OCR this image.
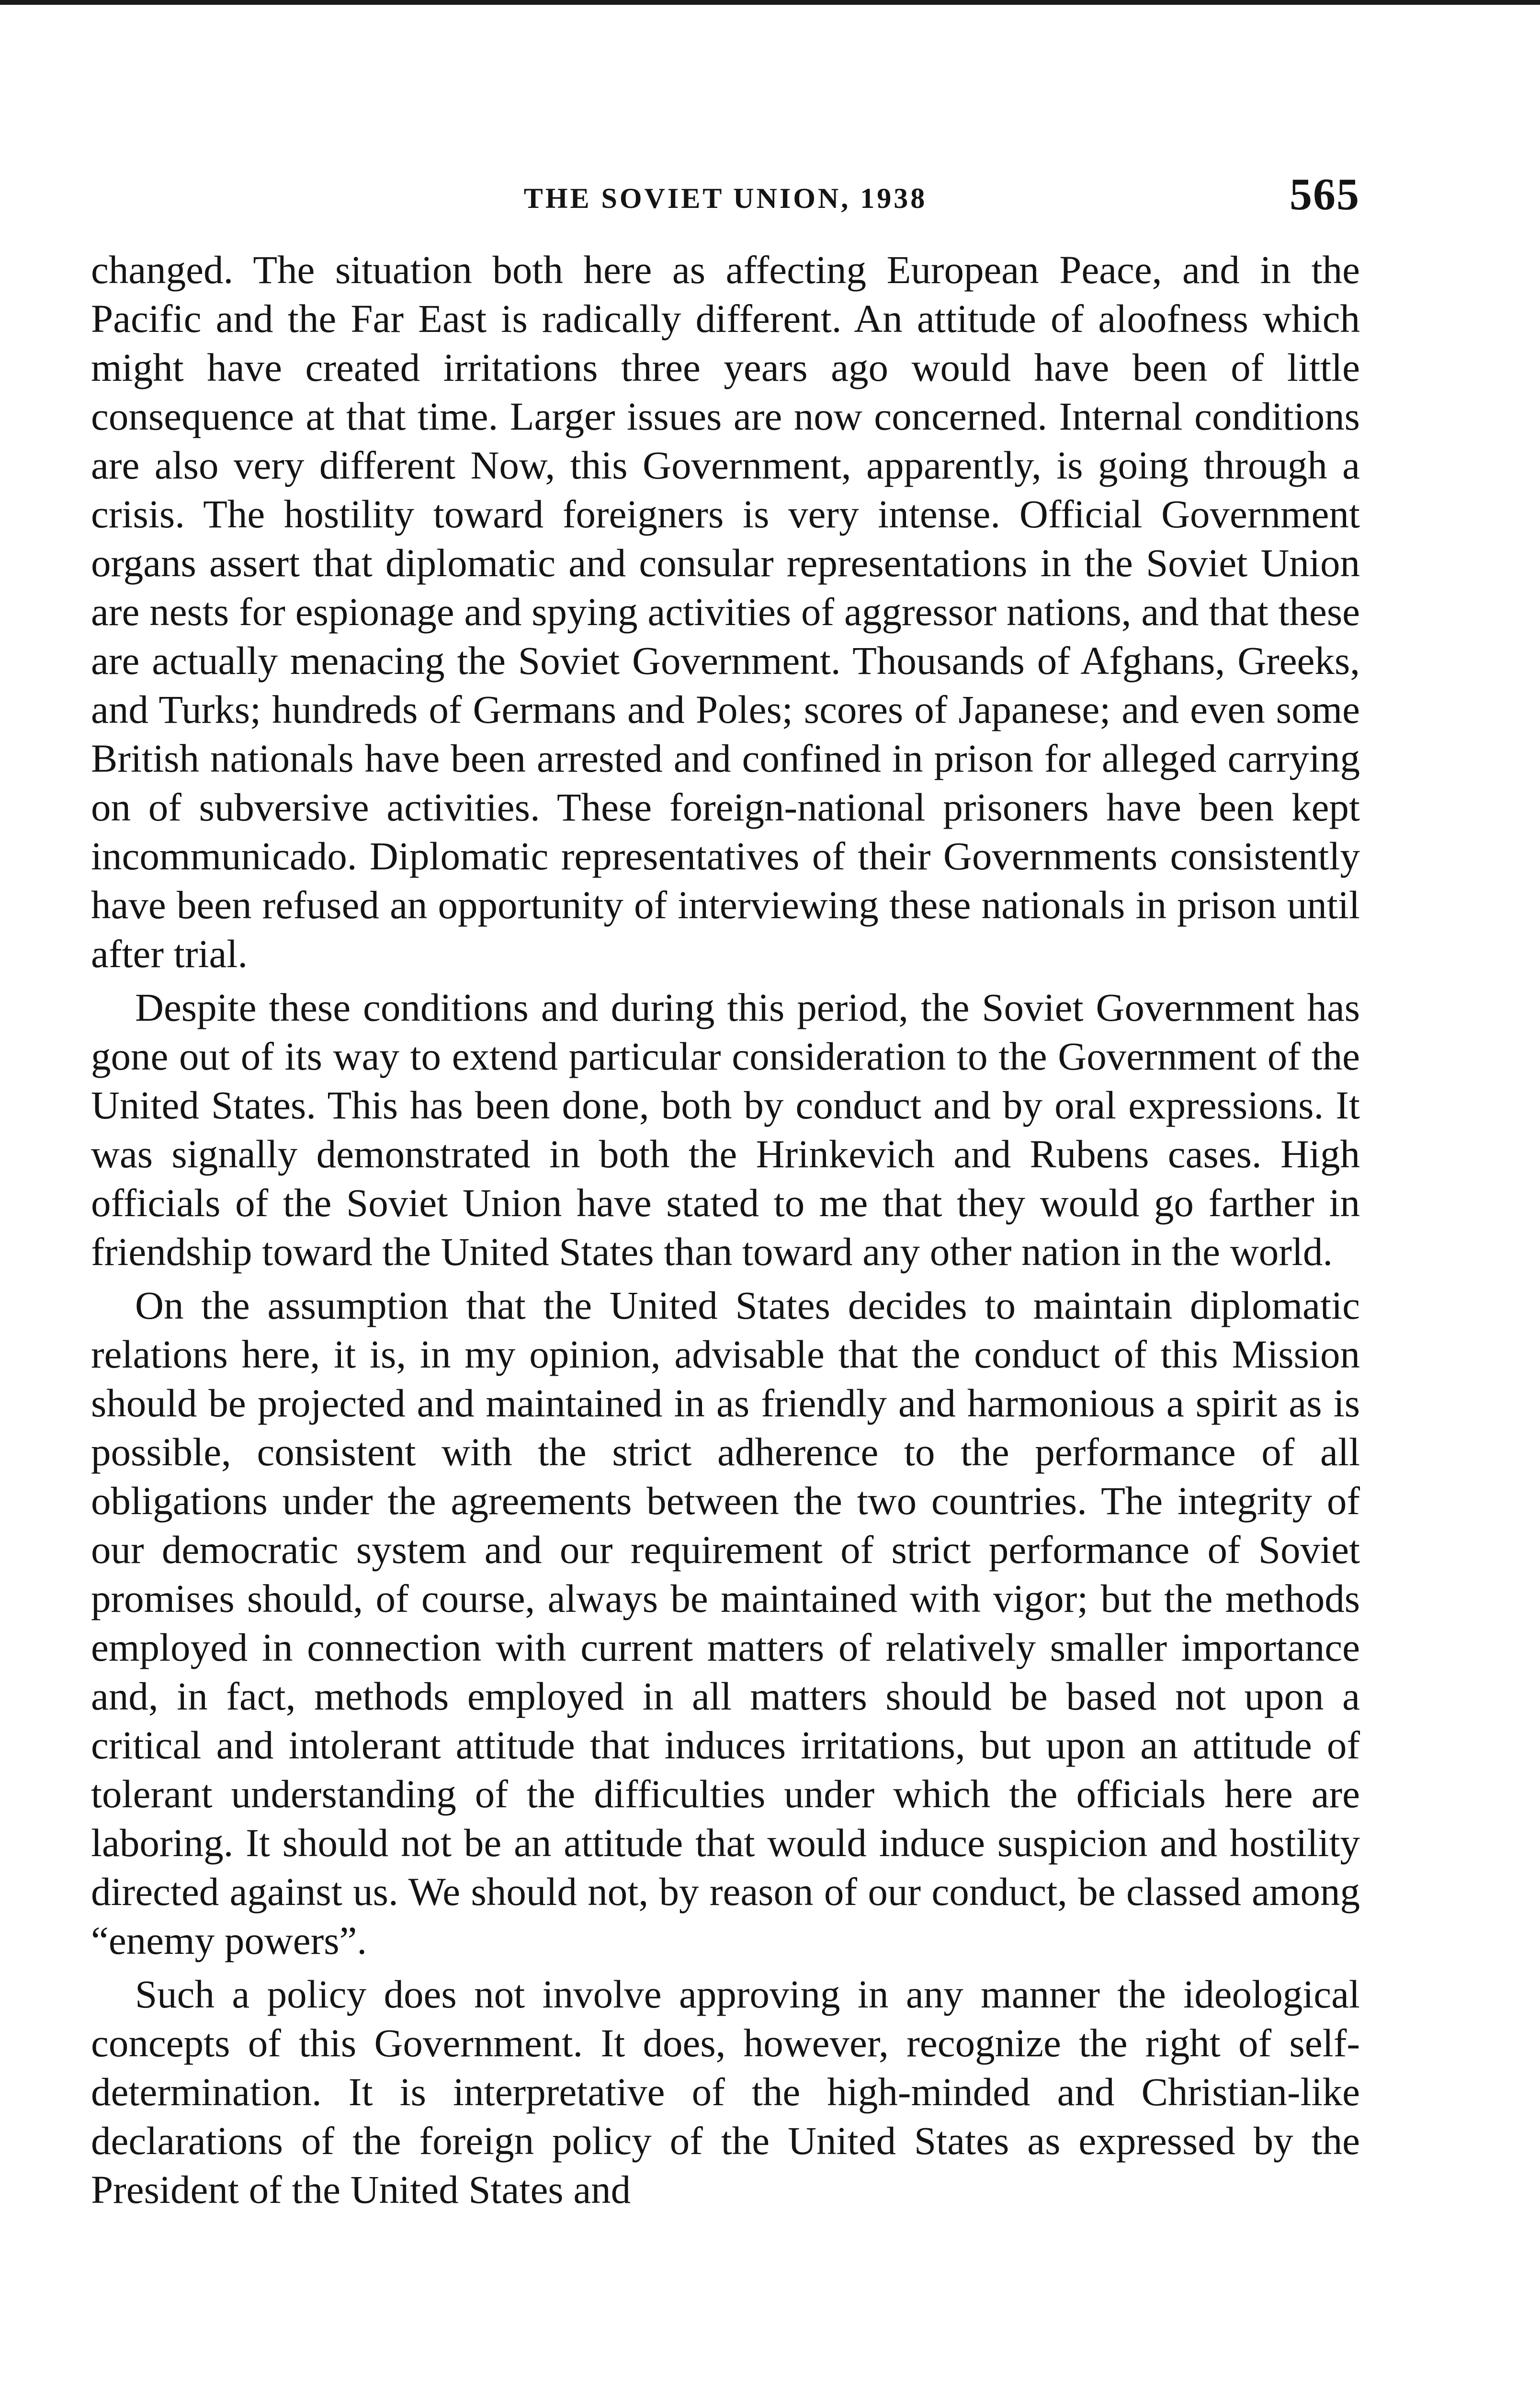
THE SOVIET UNION, 1938	565

changed. The situation both here as affecting European Peace, and in the Pacific and the Far East is radically different. An attitude of aloofness which might have created irritations three years ago would have been of little consequence at that time. Larger issues are now concerned. Internal conditions are also very different Now, this Government, apparently, is going through a crisis. The hostility toward foreigners is very intense. Official Government organs assert that diplomatic and consular representations in the Soviet Union are nests for espionage and spying activities of aggressor nations, and that these are actually menacing the Soviet Government. Thousands of Afghans, Greeks, and Turks; hundreds of Germans and Poles; scores of Japanese; and even some British nationals have been arrested and confined in prison for alleged carrying on of subversive activities. These foreign-national prisoners have been kept incommunicado. Diplomatic representatives of their Governments consistently have been refused an opportunity of interviewing these nationals in prison until after trial.

Despite these conditions and during this period, the Soviet Government has gone out of its way to extend particular consideration to the Government of the United States. This has been done, both by conduct and by oral expressions. It was signally demonstrated in both the Hrinkevich and Rubens cases. High officials of the Soviet Union have stated to me that they would go farther in friendship toward the United States than toward any other nation in the world.

On the assumption that the United States decides to maintain diplomatic relations here, it is, in my opinion, advisable that the conduct of this Mission should be projected and maintained in as friendly and harmonious a spirit as is possible, consistent with the strict adherence to the performance of all obligations under the agreements between the two countries. The integrity of our democratic system and our requirement of strict performance of Soviet promises should, of course, always be maintained with vigor; but the methods employed in connection with current matters of relatively smaller importance and, in fact, methods employed in all matters should be based not upon a critical and intolerant attitude that induces irritations, but upon an attitude of tolerant understanding of the difficulties under which the officials here are laboring. It should not be an attitude that would induce suspicion and hostility directed against us. We should not, by reason of our conduct, be classed among “enemy powers”.

Such a policy does not involve approving in any manner the ideological concepts of this Government. It does, however, recognize the right of self-determination. It is interpretative of the high-minded and Christian-like declarations of the foreign policy of the United States as expressed by the President of the United States and
